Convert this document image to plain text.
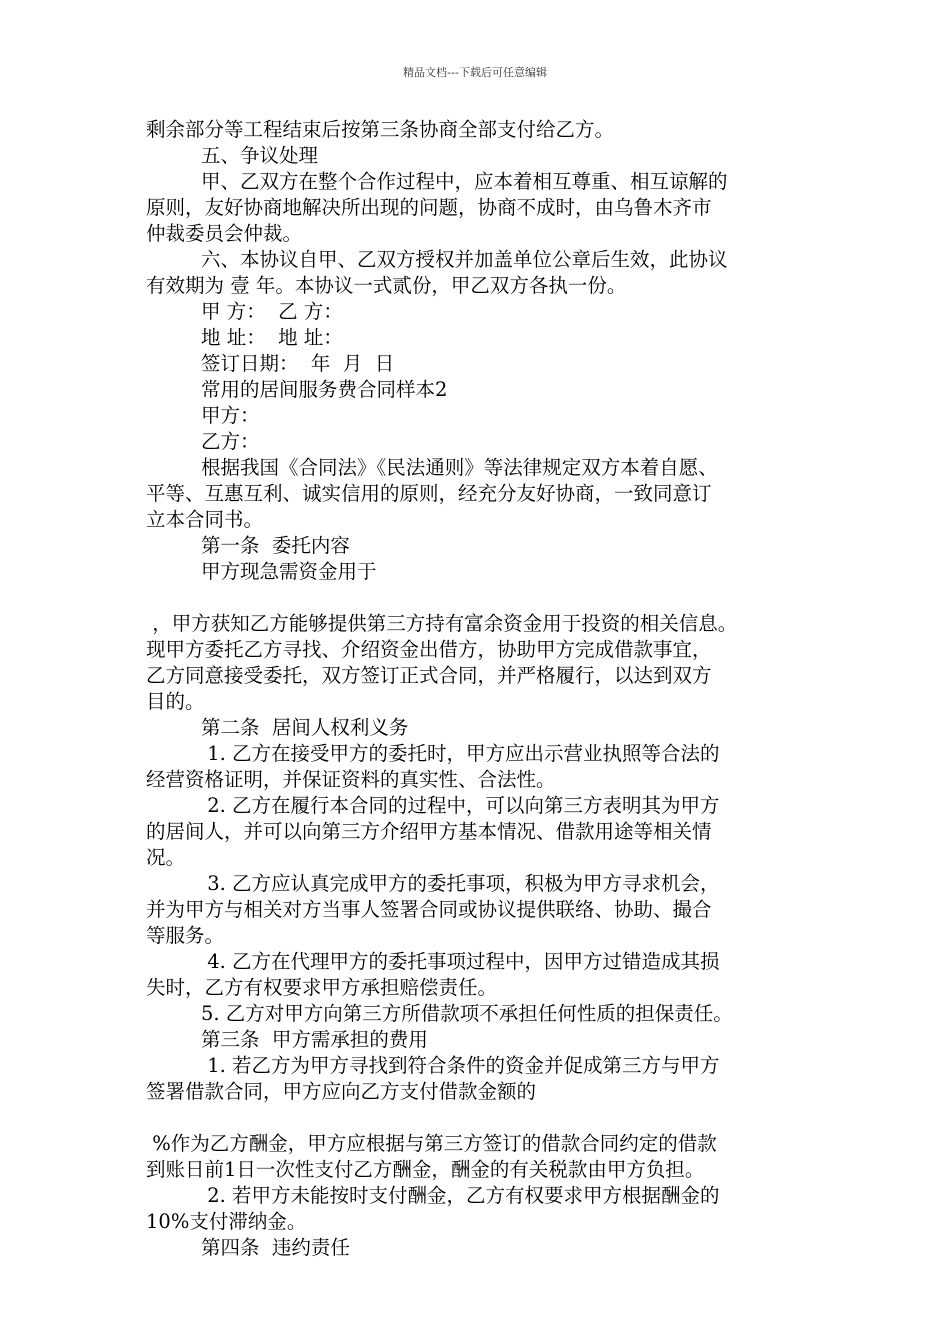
精品文档---下载后可任意编辑

剩余部分等工程结束后按第三条协商全部支付给乙方。

五、争议处理

甲、乙双方在整个合作过程中，应本着相互尊重、相互谅解的

原则，友好协商地解决所出现的问题，协商不成时，由乌鲁木齐市

仲裁委员会仲裁。

六、本协议自甲、乙双方授权并加盖单位公章后生效，此协议

有效期为 壹 年。本协议一式贰份，甲乙双方各执一份。

甲 方：  乙 方：

地 址：  地 址：

签订日期：  年  月  日

常用的居间服务费合同样本2

甲方：

乙方：

根据我国《合同法》《民法通则》等法律规定双方本着自愿、

平等、互惠互利、诚实信用的原则，经充分友好协商，一致同意订

立本合同书。

第一条  委托内容

甲方现急需资金用于

，甲方获知乙方能够提供第三方持有富余资金用于投资的相关信息。

现甲方委托乙方寻找、介绍资金出借方，协助甲方完成借款事宜，

乙方同意接受委托，双方签订正式合同，并严格履行，以达到双方

目的。

第二条  居间人权利义务

1. 乙方在接受甲方的委托时，甲方应出示营业执照等合法的

经营资格证明，并保证资料的真实性、合法性。

2. 乙方在履行本合同的过程中，可以向第三方表明其为甲方

的居间人，并可以向第三方介绍甲方基本情况、借款用途等相关情

况。

3. 乙方应认真完成甲方的委托事项，积极为甲方寻求机会，

并为甲方与相关对方当事人签署合同或协议提供联络、协助、撮合

等服务。

4. 乙方在代理甲方的委托事项过程中，因甲方过错造成其损

失时，乙方有权要求甲方承担赔偿责任。

5. 乙方对甲方向第三方所借款项不承担任何性质的担保责任。

第三条  甲方需承担的费用

1. 若乙方为甲方寻找到符合条件的资金并促成第三方与甲方

签署借款合同，甲方应向乙方支付借款金额的

%作为乙方酬金，甲方应根据与第三方签订的借款合同约定的借款

到账日前1日一次性支付乙方酬金，酬金的有关税款由甲方负担。

2. 若甲方未能按时支付酬金，乙方有权要求甲方根据酬金的

10%支付滞纳金。

第四条  违约责任
